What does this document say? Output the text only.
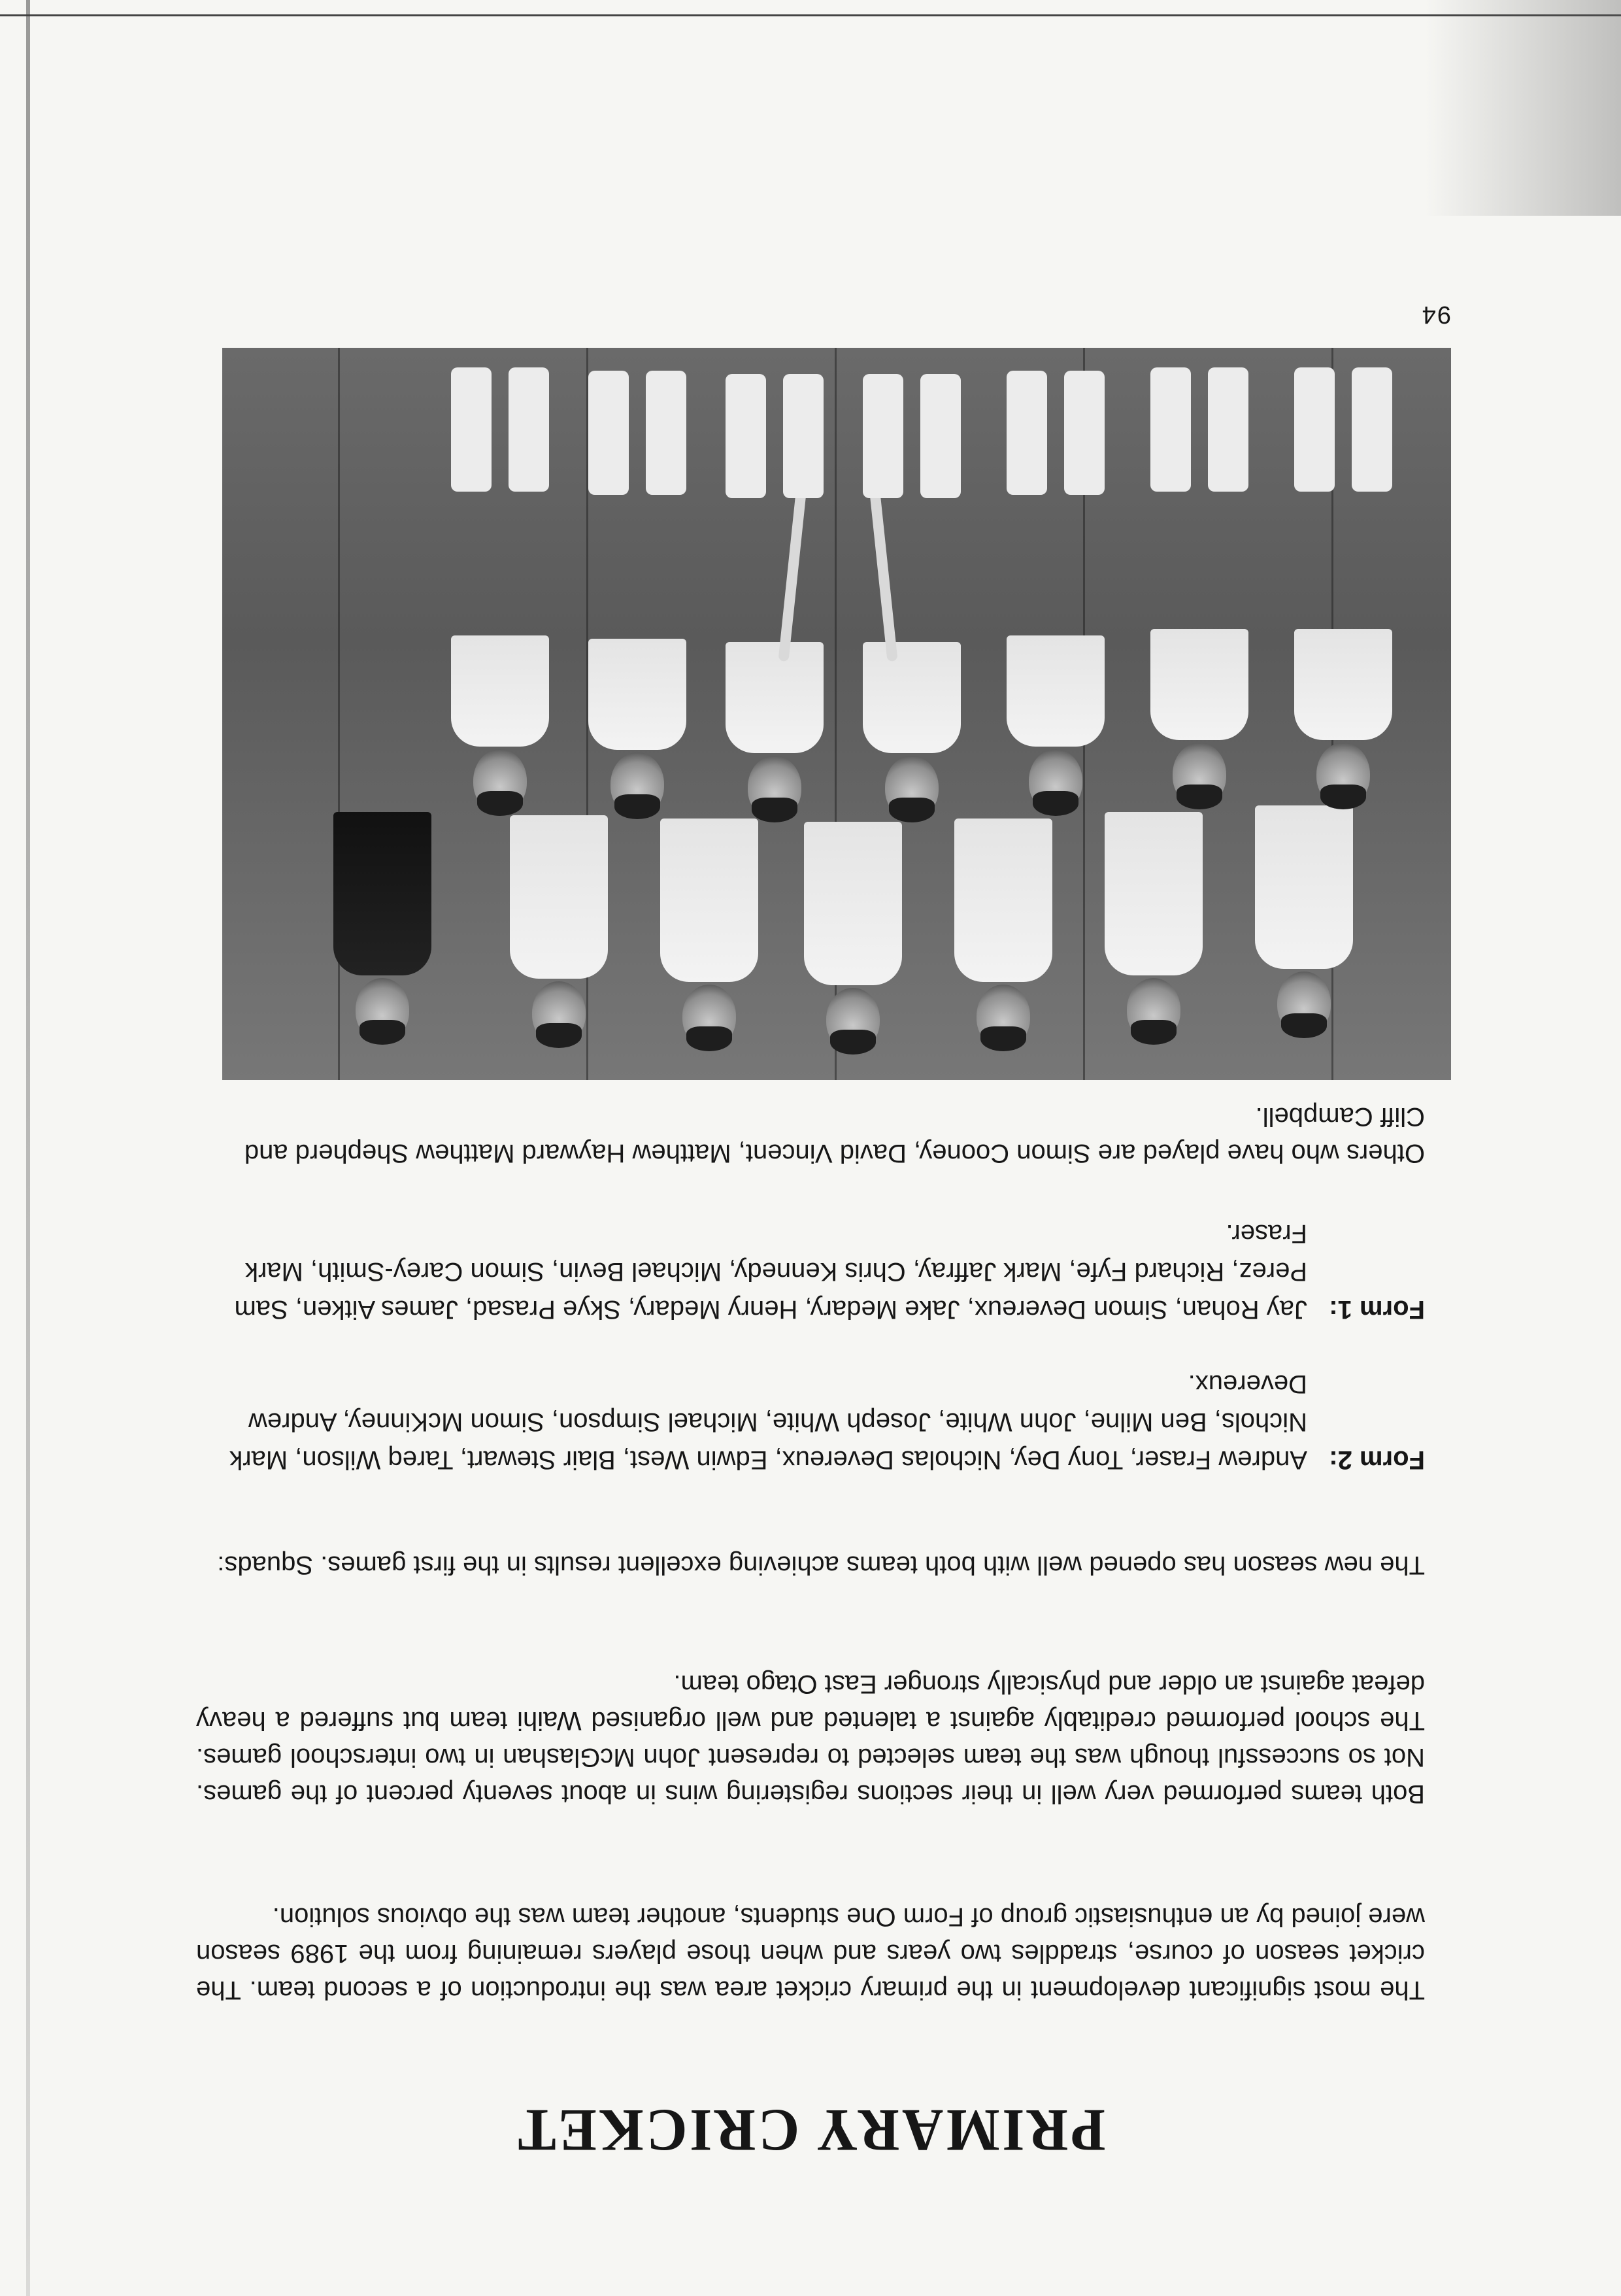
PRIMARY CRICKET
The most significant development in the primary cricket area was the introduction of a second team. The cricket season of course, straddles two years and when those players remaining from the 1989 season were joined by an enthusiastic group of Form One students, another team was the obvious solution.
Both teams performed very well in their sections registering wins in about seventy percent of the games. Not so successful though was the team selected to represent John McGlashan in two interschool games. The school performed creditably against a talented and well organised Waihi team but suffered a heavy defeat against an older and physically stronger East Otago team.
The new season has opened well with both teams achieving excellent results in the first games. Squads:
Form 2:
Andrew Fraser, Tony Dey, Nicholas Devereux, Edwin West, Blair Stewart, Tareq Wilson, Mark Nichols, Ben Milne, John White, Joseph White, Michael Simpson, Simon McKinney, Andrew Devereux.
Form 1:
Jay Rohan, Simon Devereux, Jake Medary, Henry Medary, Skye Prasad, James Aitken, Sam Perez, Richard Fyfe, Mark Jaffray, Chris Kennedy, Michael Bevin, Simon Carey-Smith, Mark Fraser.
Others who have played are Simon Cooney, David Vincent, Matthew Hayward Matthew Shepherd and Cliff Campbell.
94
